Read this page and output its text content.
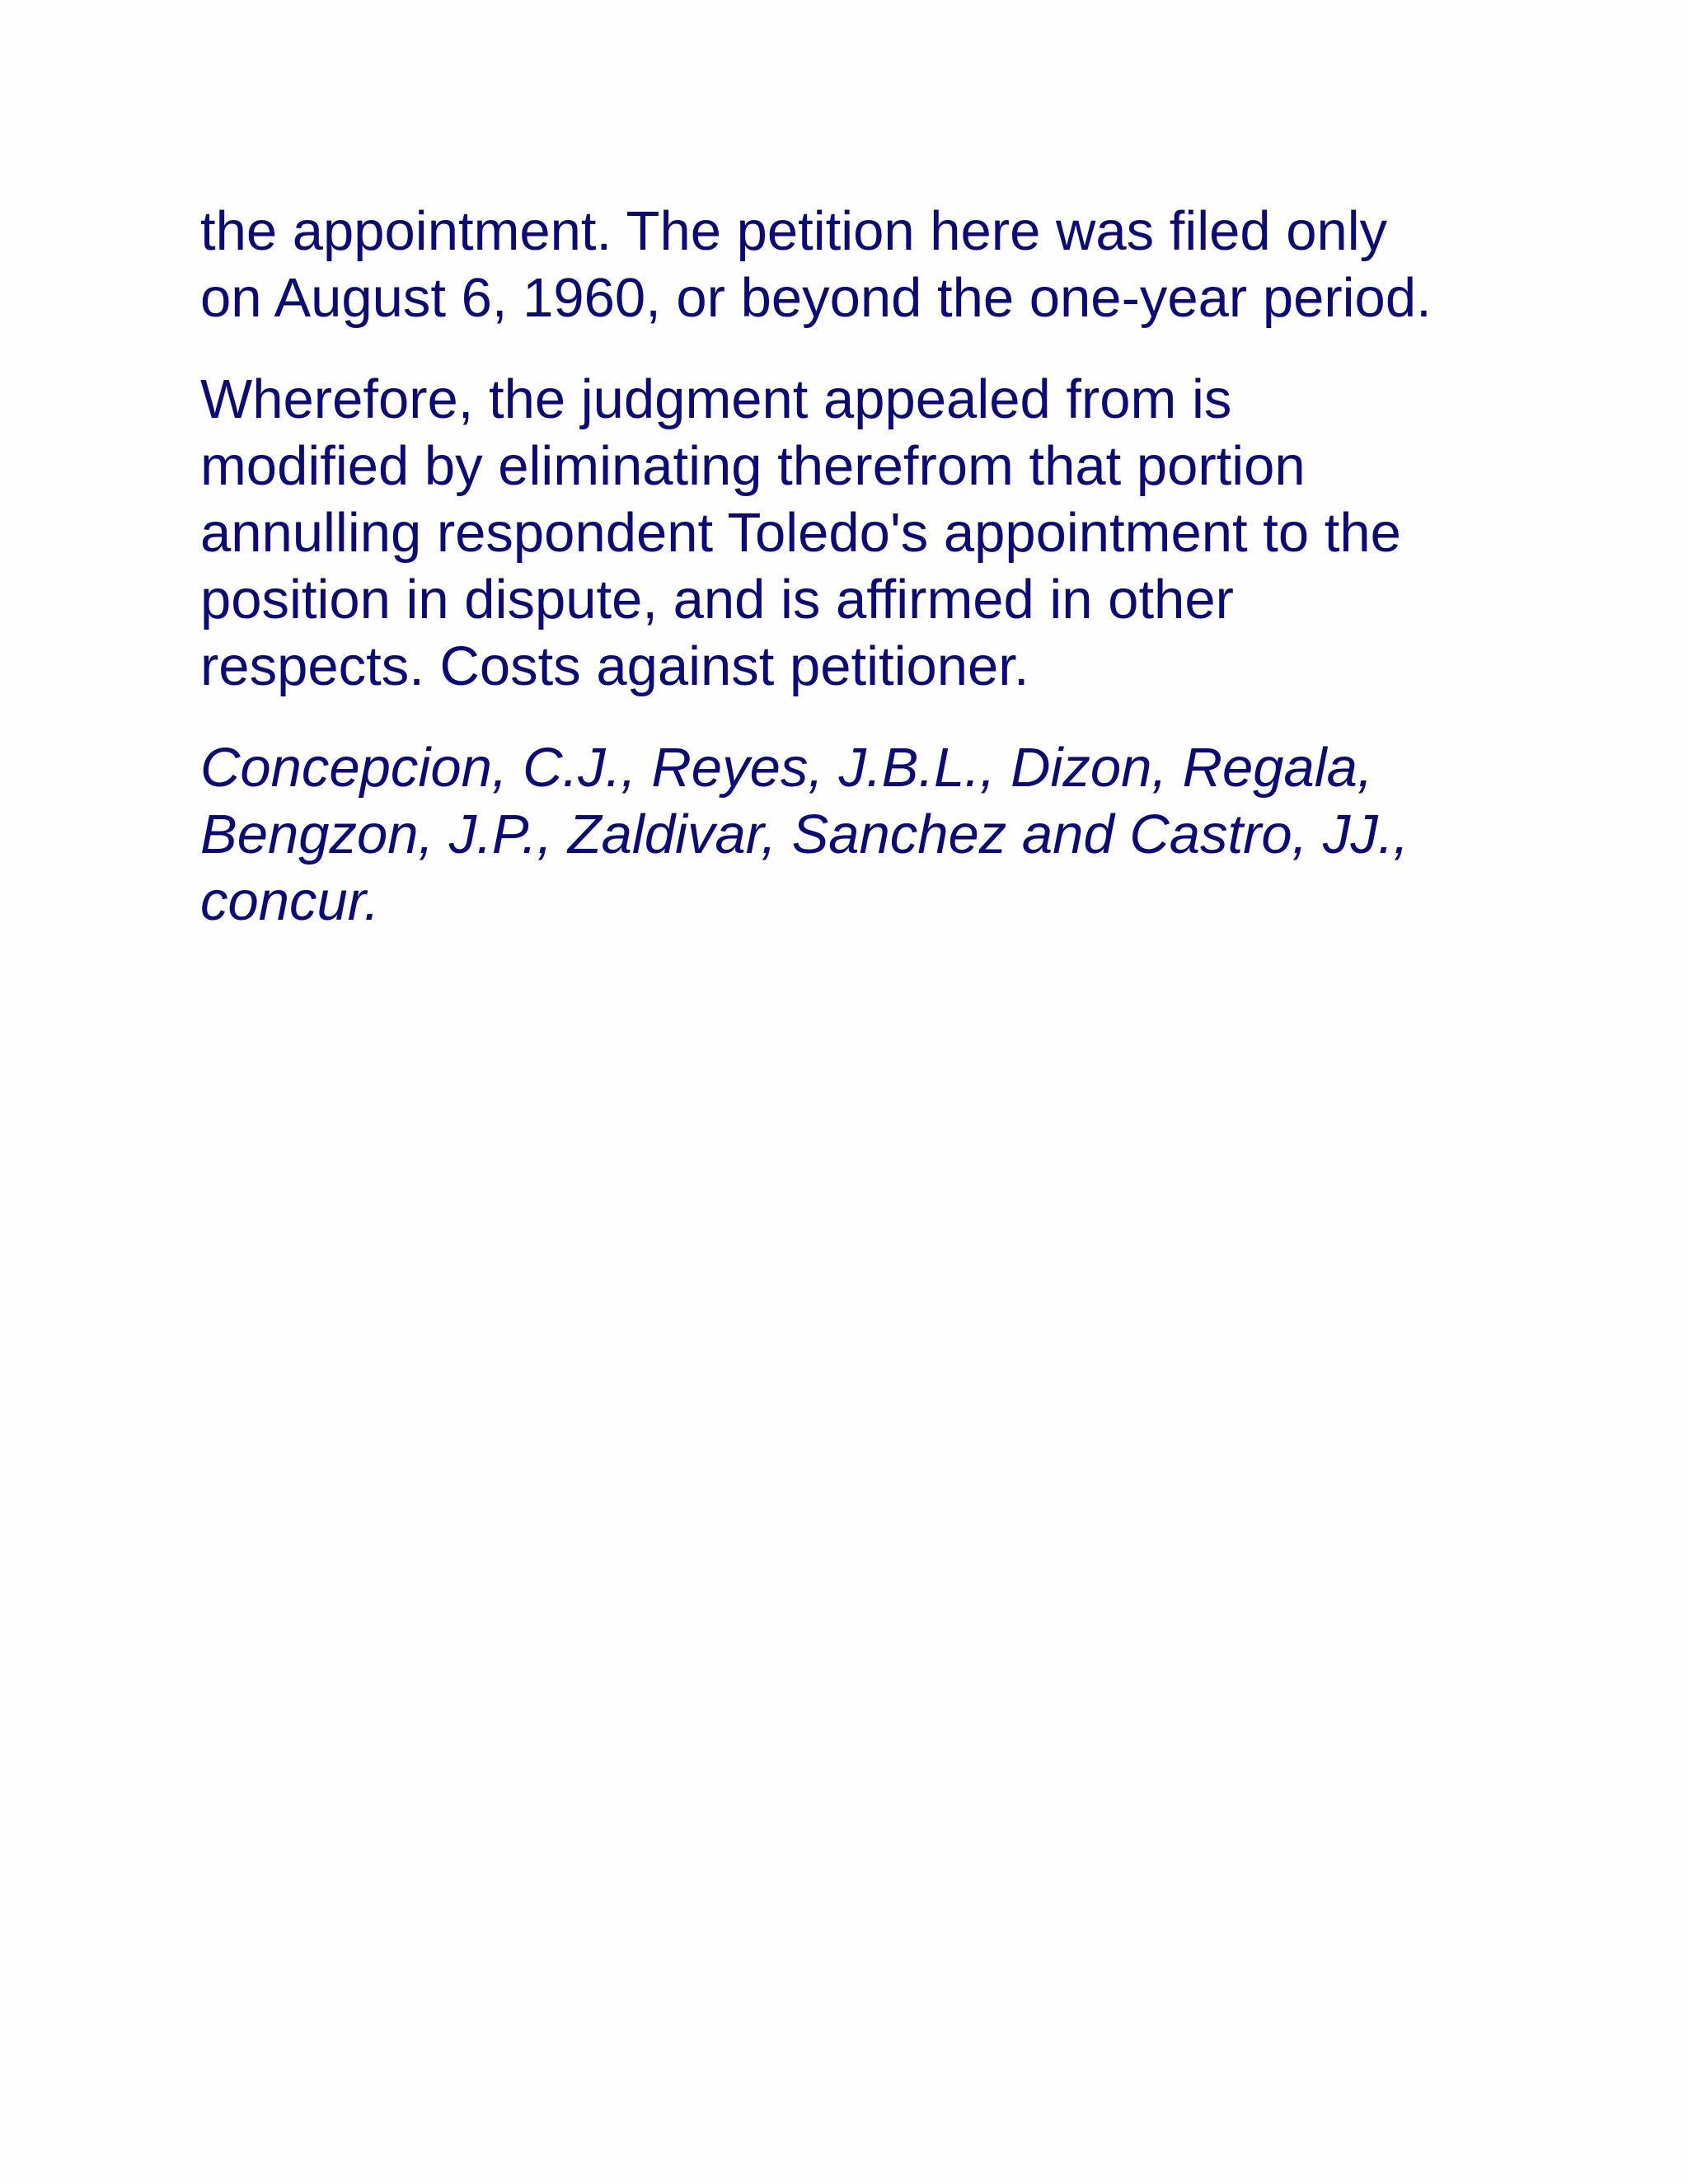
the appointment. The petition here was filed only
on August 6, 1960, or beyond the one-year period.

Wherefore, the judgment appealed from is
modified by eliminating therefrom that portion
annulling respondent Toledo's appointment to the
position in dispute, and is affirmed in other
respects. Costs against petitioner.

Concepcion, C.J., Reyes, J.B.L., Dizon, Regala,
Bengzon, J.P., Zaldivar, Sanchez and Castro, JJ.,
concur.
